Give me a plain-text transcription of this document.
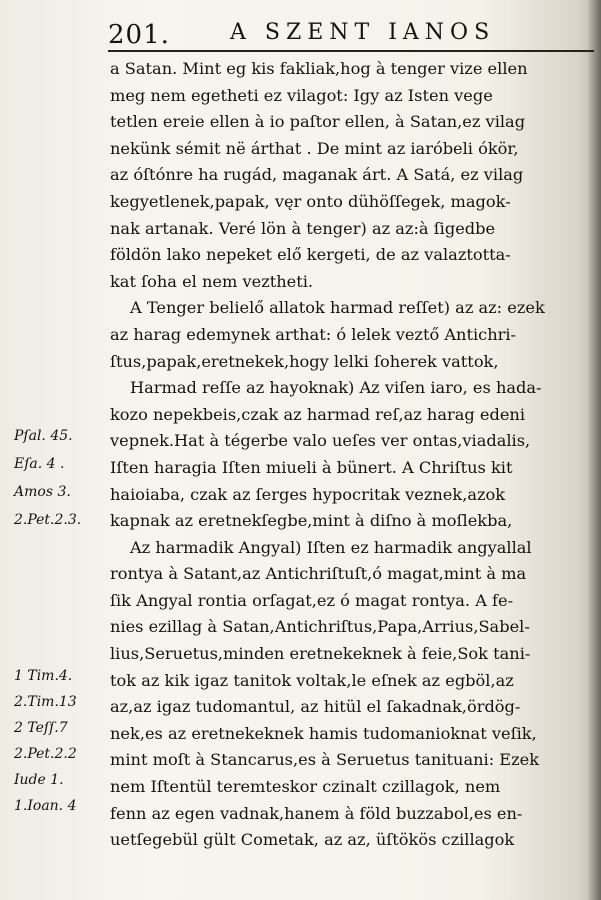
201.	A SZENT IANOS
a Satan. Mint eg kis fakliak,hog à tenger vize ellen
meg nem egetheti ez vilagot: Igy az Isten vege
tetlen ereie ellen à io paſtor ellen, à Satan,ez vilag
nekünk sémit në árthat . De mint az iaróbeli ókör,
az óſtónre ha rugád, maganak árt. A Satá, ez vilag
kegyetlenek,papak, vęr onto dühöſſegek, magok-
nak artanak. Veré lön à tenger) az az:à ſigedbe
földön lako nepeket elő kergeti, de az valaztotta-
kat ſoha el nem veztheti.
A Tenger belielő allatok harmad reſſet) az az: ezek
az harag edemynek arthat: ó lelek veztő Antichri-
ſtus,papak,eretnekek,hogy lelki ſoherek vattok,
Harmad reſſe az hayoknak) Az viſen iaro, es hada-
kozo nepekbeis,czak az harmad reſ,az harag edeni
vepnek.Hat à tégerbe valo ueſes ver ontas,viadalis,
Iſten haragia Iſten miueli à bünert. A Chriſtus kit
haioiaba, czak az ſerges hypocritak veznek,azok
kapnak az eretnekſegbe,mint à diſno à moſlekba,
Az harmadik Angyal) Iſten ez harmadik angyallal
rontya à Satant,az Antichriſtuſt,ó magat,mint à ma
ſik Angyal rontia orſagat,ez ó magat rontya. A fe-
nies ezillag à Satan,Antichriſtus,Papa,Arrius,Sabel-
lius,Seruetus,minden eretnekeknek à feie,Sok tani-
tok az kik igaz tanitok voltak,le eſnek az egböl,az
az,az igaz tudomantul, az hitül el ſakadnak,ördög-
nek,es az eretnekeknek hamis tudomanioknat veſik,
mint moſt à Stancarus,es à Seruetus tanituani: Ezek
nem Iſtentül teremteskor czinalt czillagok, nem
fenn az egen vadnak,hanem à föld buzzabol,es en-
uetſegebül gült Cometak, az az, üſtökös czillagok
Pſal. 45.
Eſa. 4 .
Amos 3.
2.Pet.2.3.
1 Tim.4.
2.Tim.13
2 Teſſ.7
2.Pet.2.2
Iude 1.
1.Ioan. 4
